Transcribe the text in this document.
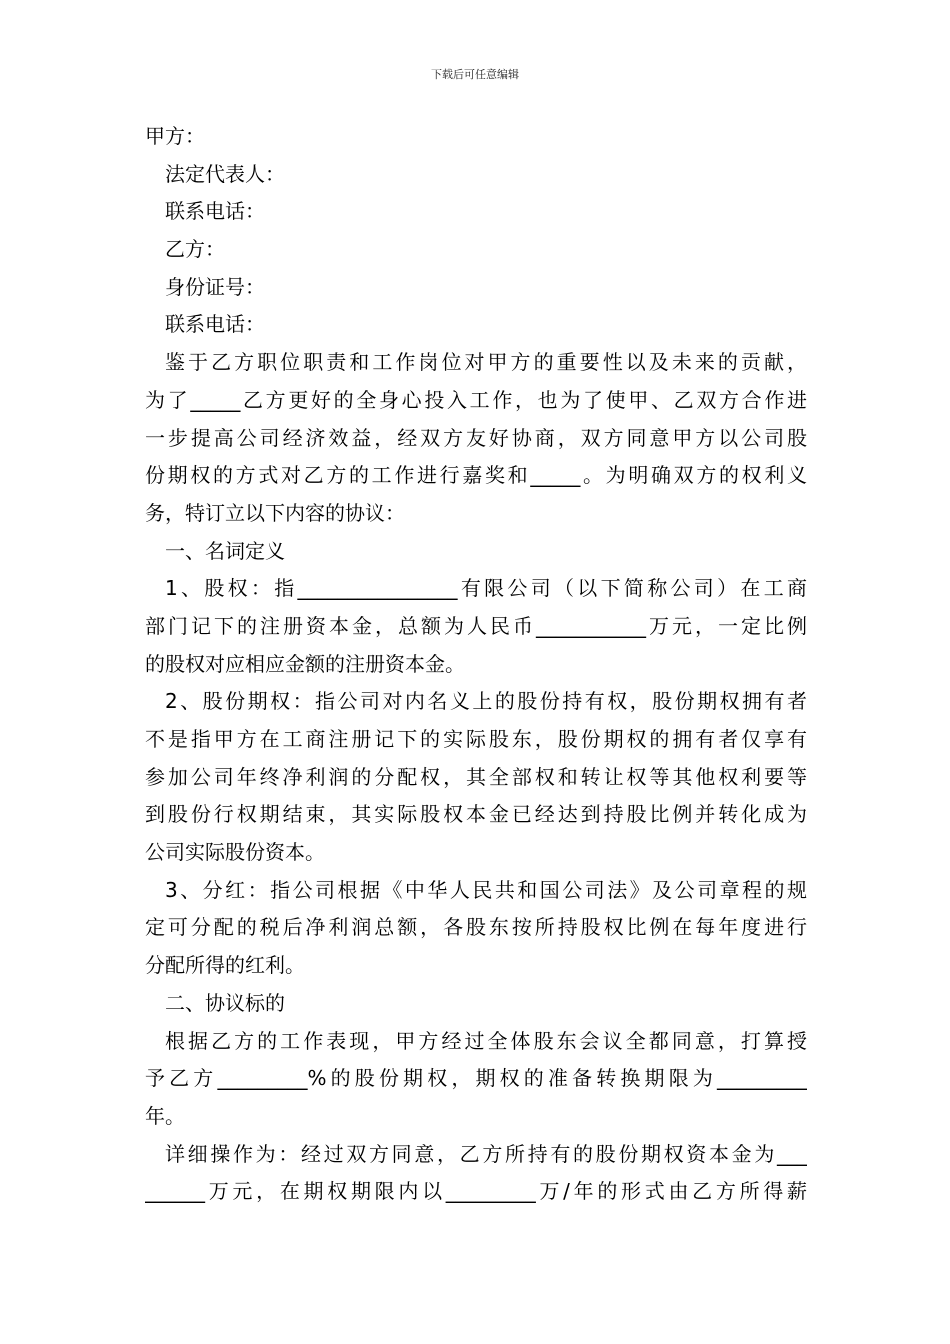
下载后可任意编辑
甲方：
法定代表人：
联系电话：
乙方：
身份证号：
联系电话：
鉴于乙方职位职责和工作岗位对甲方的重要性以及未来的贡献，
为了_____乙方更好的全身心投入工作，也为了使甲、乙双方合作进
一步提高公司经济效益，经双方友好协商，双方同意甲方以公司股
份期权的方式对乙方的工作进行嘉奖和_____。为明确双方的权利义
务，特订立以下内容的协议：
一、名词定义
1、股权：指________________有限公司（以下简称公司）在工商
部门记下的注册资本金，总额为人民币___________万元，一定比例
的股权对应相应金额的注册资本金。
2、股份期权：指公司对内名义上的股份持有权，股份期权拥有者
不是指甲方在工商注册记下的实际股东，股份期权的拥有者仅享有
参加公司年终净利润的分配权，其全部权和转让权等其他权利要等
到股份行权期结束，其实际股权本金已经达到持股比例并转化成为
公司实际股份资本。
3、分红：指公司根据《中华人民共和国公司法》及公司章程的规
定可分配的税后净利润总额，各股东按所持股权比例在每年度进行
分配所得的红利。
二、协议标的
根据乙方的工作表现，甲方经过全体股东会议全都同意，打算授
予乙方_________%的股份期权，期权的准备转换期限为_________
年。
详细操作为：经过双方同意，乙方所持有的股份期权资本金为___
______万元，在期权期限内以_________万/年的形式由乙方所得薪
